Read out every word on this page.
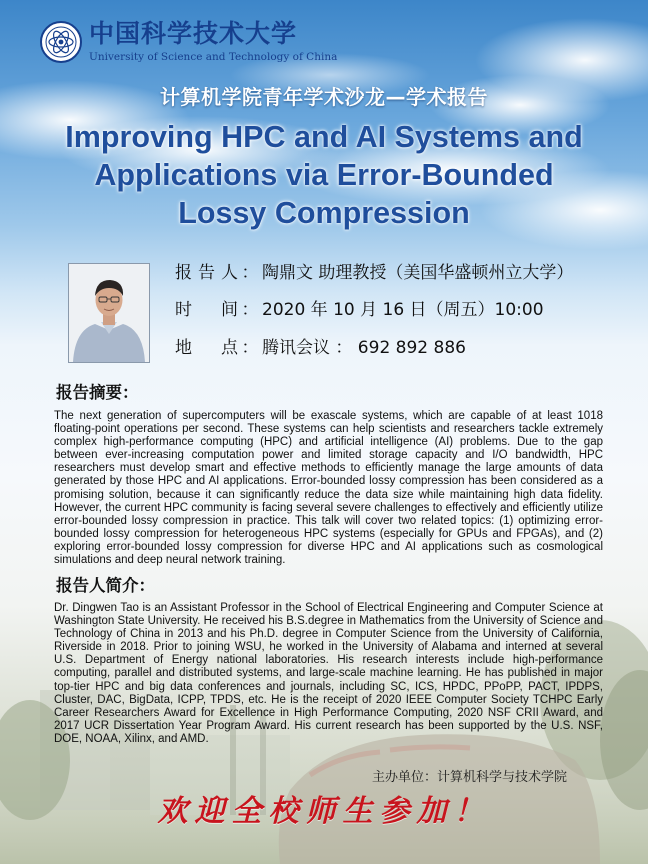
中国科学技术大学
University of Science and Technology of China
计算机学院青年学术沙龙—学术报告
Improving HPC and AI Systems and
Applications via Error-Bounded
Lossy Compression
报告人 ： 陶鼎文 助理教授（美国华盛顿州立大学）
时间 ： 2020 年 10 月 16 日（周五）10:00
地点 ： 腾讯会议 ： 692 892 886
报告摘要：
The next generation of supercomputers will be exascale systems, which are capable of at least 1018 floating-point operations per second. These systems can help scientists and researchers tackle extremely complex high-performance computing (HPC) and artificial intelligence (AI) problems. Due to the gap between ever-increasing computation power and limited storage capacity and I/O bandwidth, HPC researchers must develop smart and effective methods to efficiently manage the large amounts of data generated by those HPC and AI applications. Error-bounded lossy compression has been considered as a promising solution, because it can significantly reduce the data size while maintaining high data fidelity. However, the current HPC community is facing several severe challenges to effectively and efficiently utilize error-bounded lossy compression in practice. This talk will cover two related topics: (1) optimizing error-bounded lossy compression for heterogeneous HPC systems (especially for GPUs and FPGAs), and (2) exploring error-bounded lossy compression for diverse HPC and AI applications such as cosmological simulations and deep neural network training.
报告人简介：
Dr. Dingwen Tao is an Assistant Professor in the School of Electrical Engineering and Computer Science at Washington State University. He received his B.S.degree in Mathematics from the University of Science and Technology of China in 2013 and his Ph.D. degree in Computer Science from the University of California, Riverside in 2018. Prior to joining WSU, he worked in the University of Alabama and interned at several U.S. Department of Energy national laboratories. His research interests include high-performance computing, parallel and distributed systems, and large-scale machine learning. He has published in major top-tier HPC and big data conferences and journals, including SC, ICS, HPDC, PPoPP, PACT, IPDPS, Cluster, DAC, BigData, ICPP, TPDS, etc. He is the receipt of 2020 IEEE Computer Society TCHPC Early Career Researchers Award for Excellence in High Performance Computing, 2020 NSF CRII Award, and 2017 UCR Dissertation Year Program Award. His current research has been supported by the U.S. NSF, DOE, NOAA, Xilinx, and AMD.
主办单位：计算机科学与技术学院
欢迎全校师生参加！
